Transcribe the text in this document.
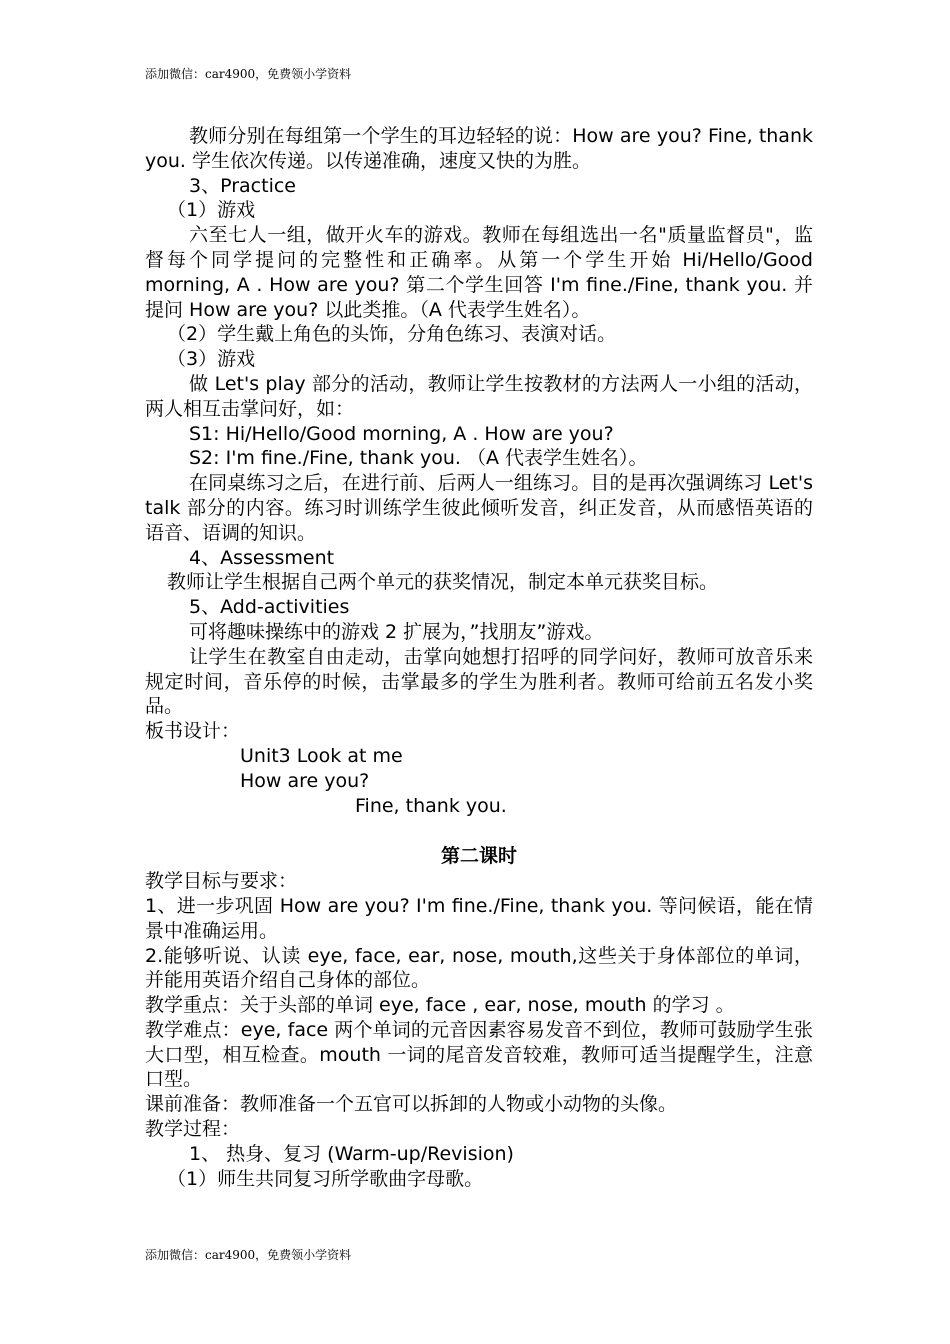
添加微信：car4900，免费领小学资料

教师分别在每组第一个学生的耳边轻轻的说：How are you? Fine, thank you. 学生依次传递。以传递准确，速度又快的为胜。

3、Practice

（1）游戏

六至七人一组，做开火车的游戏。教师在每组选出一名"质量监督员"，监督每个同学提问的完整性和正确率。从第一个学生开始 Hi/Hello/Good morning, A . How are you? 第二个学生回答 I'm fine./Fine, thank you. 并提问 How are you? 以此类推。（A 代表学生姓名）。

（2）学生戴上角色的头饰，分角色练习、表演对话。

（3）游戏

做 Let's play 部分的活动，教师让学生按教材的方法两人一小组的活动，两人相互击掌问好，如：

S1: Hi/Hello/Good morning, A . How are you?

S2: I'm fine./Fine, thank you. （A 代表学生姓名）。

在同桌练习之后，在进行前、后两人一组练习。目的是再次强调练习 Let's talk 部分的内容。练习时训练学生彼此倾听发音，纠正发音，从而感悟英语的语音、语调的知识。

4、Assessment

教师让学生根据自己两个单元的获奖情况，制定本单元获奖目标。

5、Add-activities

可将趣味操练中的游戏 2 扩展为，”找朋友”游戏。

让学生在教室自由走动，击掌向她想打招呼的同学问好，教师可放音乐来规定时间，音乐停的时候，击掌最多的学生为胜利者。教师可给前五名发小奖品。

板书设计：

Unit3 Look at me

How are you?

Fine, thank you.

第二课时

教学目标与要求：

1、进一步巩固 How are you? I'm fine./Fine, thank you. 等问候语，能在情景中准确运用。

2.能够听说、认读 eye, face, ear, nose, mouth,这些关于身体部位的单词，并能用英语介绍自己身体的部位。

教学重点：关于头部的单词 eye, face , ear, nose, mouth 的学习 。

教学难点：eye, face 两个单词的元音因素容易发音不到位，教师可鼓励学生张大口型，相互检查。mouth 一词的尾音发音较难，教师可适当提醒学生，注意口型。

课前准备：教师准备一个五官可以拆卸的人物或小动物的头像。

教学过程：

1、 热身、复习 (Warm-up/Revision)

（1）师生共同复习所学歌曲字母歌。

添加微信：car4900，免费领小学资料
